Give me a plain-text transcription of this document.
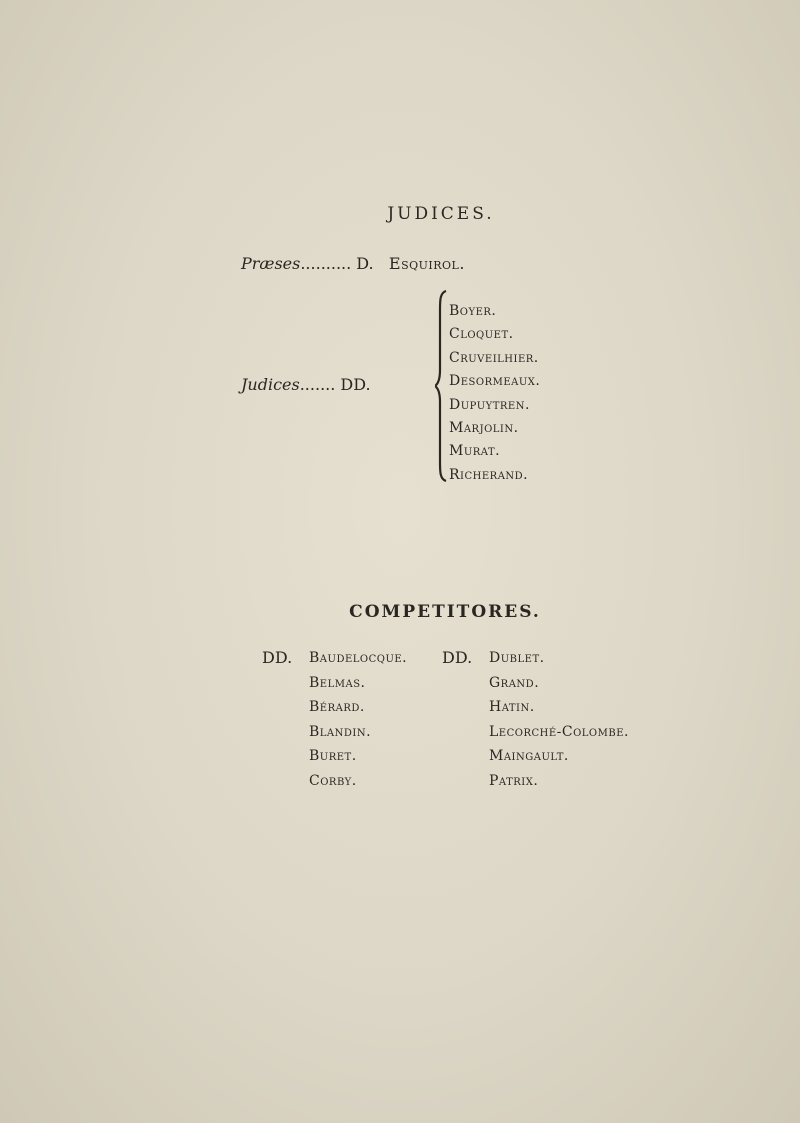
JUDICES.
Præses.......... D. Esquirol.
Judices....... DD.
Boyer.
Cloquet.
Cruveilhier.
Desormeaux.
Dupuytren.
Marjolin.
Murat.
Richerand.
COMPETITORES.
DD. Baudelocque.
Belmas.
Bérard.
Blandin.
Buret.
Corby.
DD. Dublet.
Grand.
Hatin.
Lecorché-Colombe.
Maingault.
Patrix.
